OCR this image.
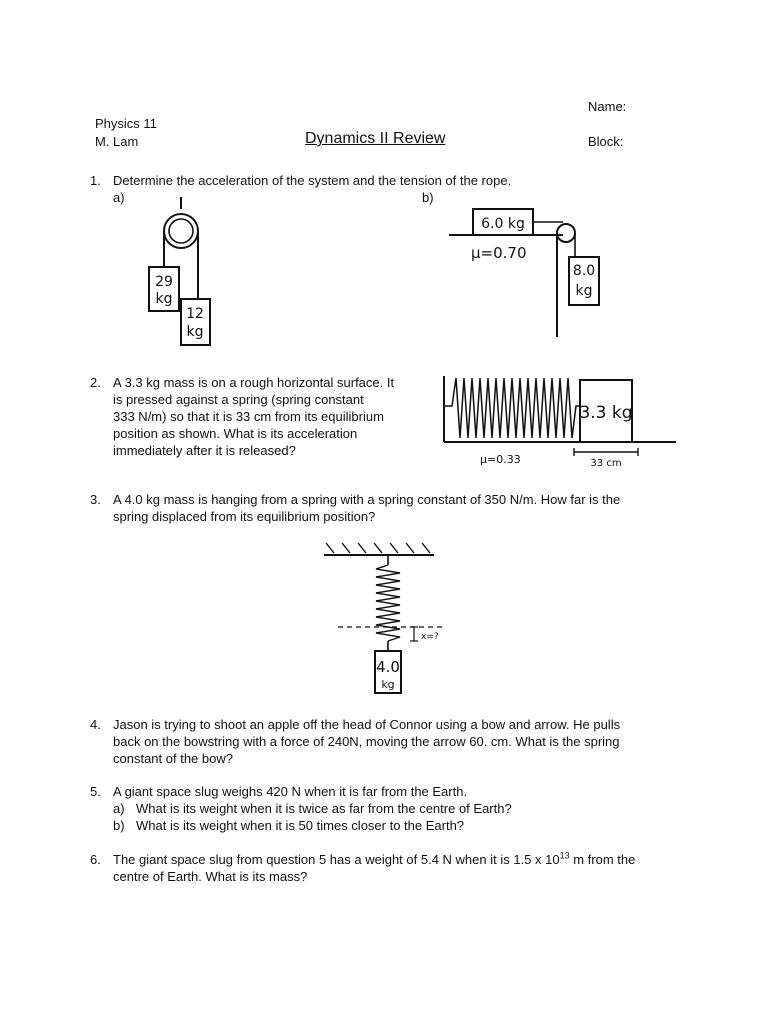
Name:
Physics 11
M. Lam	Dynamics II Review	Block:
1. Determine the acceleration of the system and the tension of the rope.
a)	b)
29
kg
12
kg
6.0 kg
8.0
kg
μ=0.70
2. A 3.3 kg mass is on a rough horizontal surface. It
is pressed against a spring (spring constant
333 N/m) so that it is 33 cm from its equilibrium
position as shown. What is its acceleration
immediately after it is released?
3.3 kg
μ=0.33	33 cm
3. A 4.0 kg mass is hanging from a spring with a spring constant of 350 N/m. How far is the
spring displaced from its equilibrium position?
x=?
4.0
kg
4. Jason is trying to shoot an apple off the head of Connor using a bow and arrow. He pulls
back on the bowstring with a force of 240N, moving the arrow 60. cm. What is the spring
constant of the bow?
5. A giant space slug weighs 420 N when it is far from the Earth.
a) What is its weight when it is twice as far from the centre of Earth?
b) What is its weight when it is 50 times closer to the Earth?
6. The giant space slug from question 5 has a weight of 5.4 N when it is 1.5 x $10^{13}$ m from the
centre of Earth. What is its mass?
